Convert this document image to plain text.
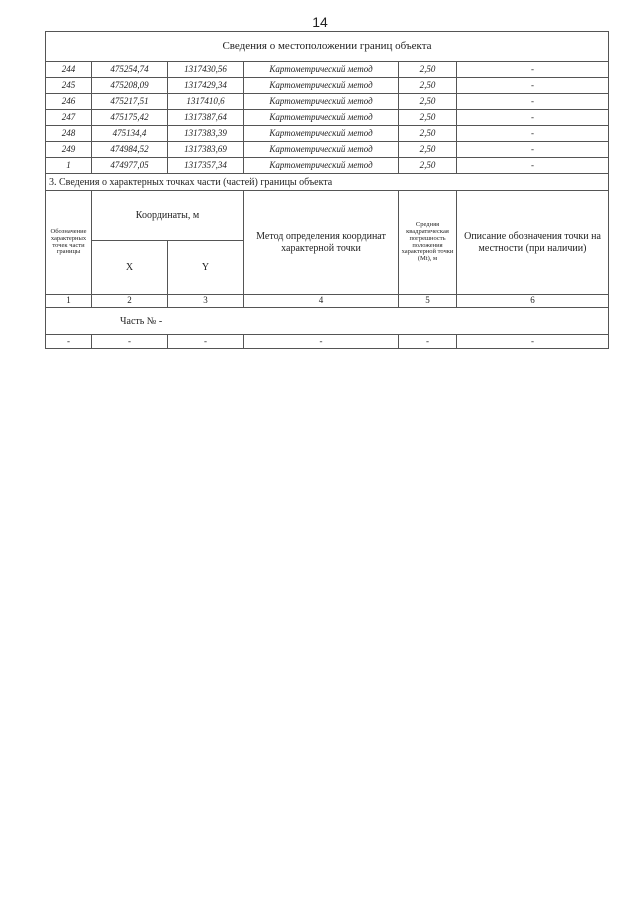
14
Сведения о местоположении границ объекта					
244	475254,74	1317430,56	Картометрический метод	2,50	-
245	475208,09	1317429,34	Картометрический метод	2,50	-
246	475217,51	1317410,6	Картометрический метод	2,50	-
247	475175,42	1317387,64	Картометрический метод	2,50	-
248	475134,4	1317383,39	Картометрический метод	2,50	-
249	474984,52	1317383,69	Картометрический метод	2,50	-
1	474977,05	1317357,34	Картометрический метод	2,50	-
3. Сведения о характерных точках части (частей) границы объекта					
Обозначение характерных точек части границы	Координаты, м		Метод определения координат характерной точки	Средняя квадратическая погрешность положения характерной точки (Мt), м	Описание обозначения точки на местности (при наличии)
	X	Y			
1	2	3	4	5	6
Часть № -					
-	-	-	-	-	-
